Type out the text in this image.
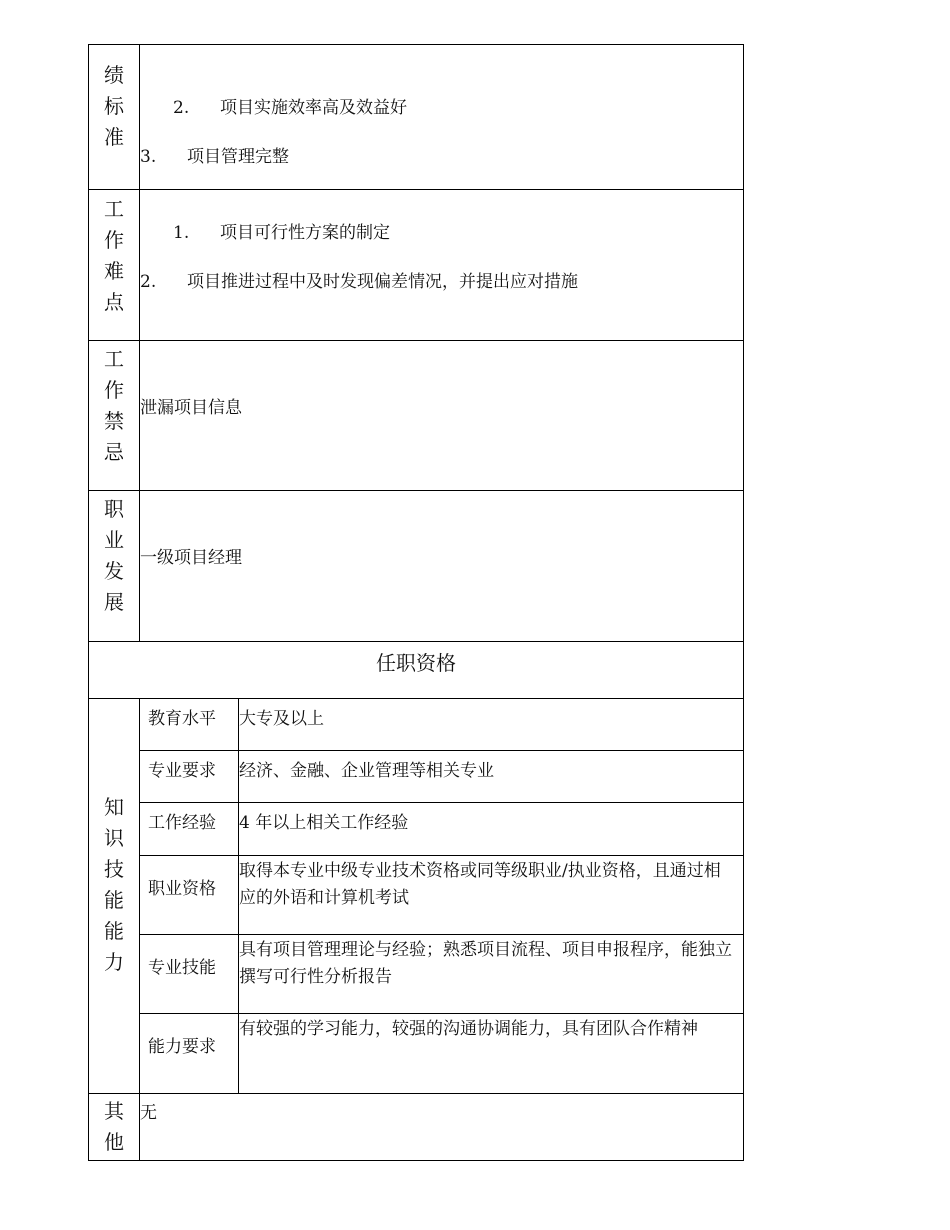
绩标准
2. 项目实施效率高及效益好
3. 项目管理完整
工作难点
1. 项目可行性方案的制定
2. 项目推进过程中及时发现偏差情况，并提出应对措施
工作禁忌
泄漏项目信息
职业发展
一级项目经理
任职资格
知识技能能力
教育水平 大专及以上
专业要求 经济、金融、企业管理等相关专业
工作经验 4 年以上相关工作经验
职业资格
取得本专业中级专业技术资格或同等级职业/执业资格，且通过相应的外语和计算机考试
专业技能
具有项目管理理论与经验；熟悉项目流程、项目申报程序，能独立撰写可行性分析报告
能力要求
有较强的学习能力，较强的沟通协调能力，具有团队合作精神
其他
无
